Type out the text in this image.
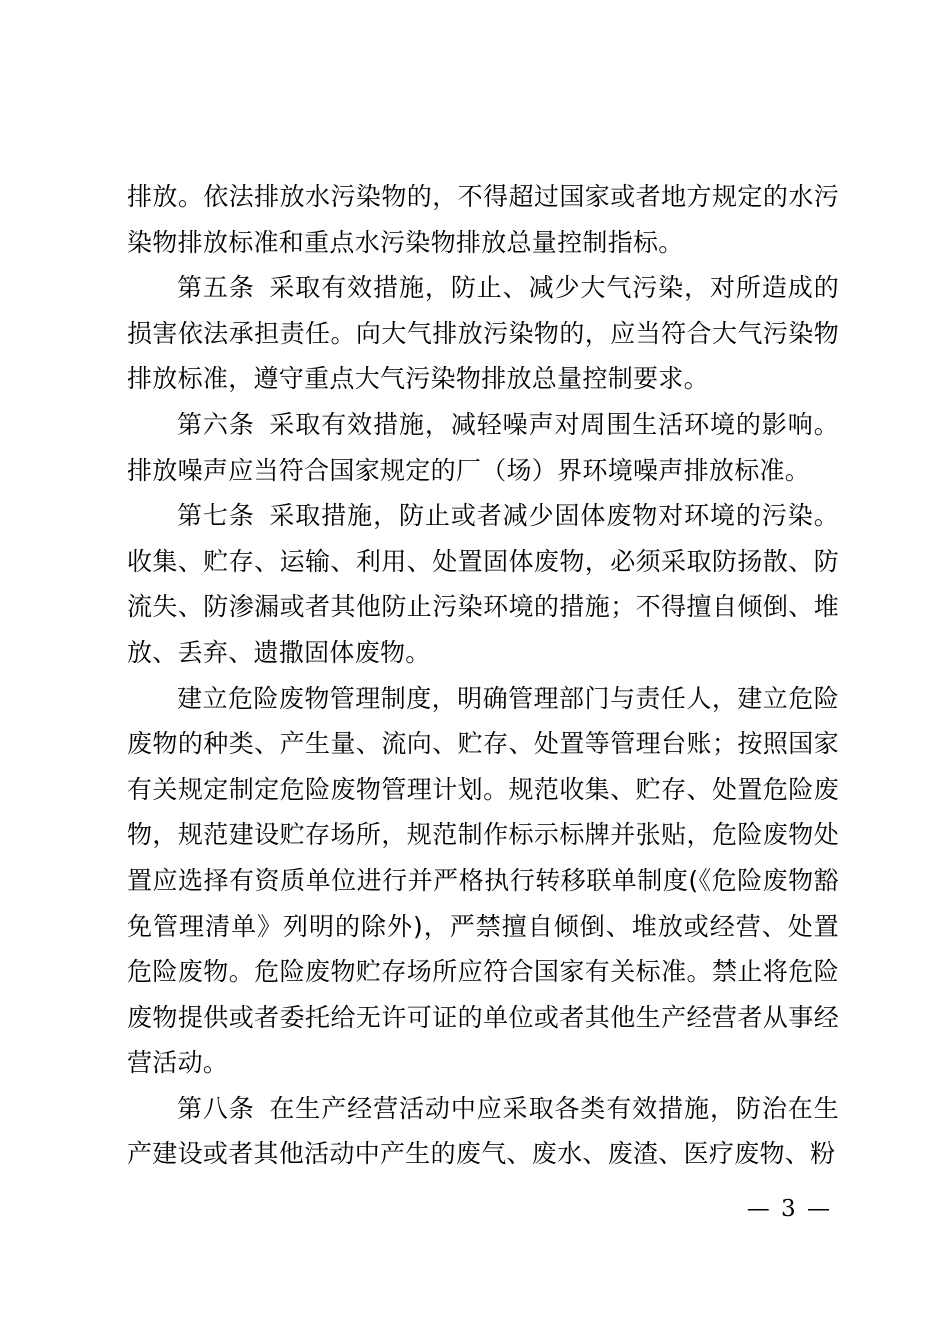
排放。依法排放水污染物的，不得超过国家或者地方规定的水污染物排放标准和重点水污染物排放总量控制指标。

第五条 采取有效措施，防止、减少大气污染，对所造成的损害依法承担责任。向大气排放污染物的，应当符合大气污染物排放标准，遵守重点大气污染物排放总量控制要求。

第六条 采取有效措施，减轻噪声对周围生活环境的影响。排放噪声应当符合国家规定的厂（场）界环境噪声排放标准。

第七条 采取措施，防止或者减少固体废物对环境的污染。收集、贮存、运输、利用、处置固体废物，必须采取防扬散、防流失、防渗漏或者其他防止污染环境的措施；不得擅自倾倒、堆放、丢弃、遗撒固体废物。

建立危险废物管理制度，明确管理部门与责任人，建立危险废物的种类、产生量、流向、贮存、处置等管理台账；按照国家有关规定制定危险废物管理计划。规范收集、贮存、处置危险废物，规范建设贮存场所，规范制作标示标牌并张贴，危险废物处置应选择有资质单位进行并严格执行转移联单制度(《危险废物豁免管理清单》列明的除外)，严禁擅自倾倒、堆放或经营、处置危险废物。危险废物贮存场所应符合国家有关标准。禁止将危险废物提供或者委托给无许可证的单位或者其他生产经营者从事经营活动。

第八条 在生产经营活动中应采取各类有效措施，防治在生产建设或者其他活动中产生的废气、废水、废渣、医疗废物、粉

— 3 —
